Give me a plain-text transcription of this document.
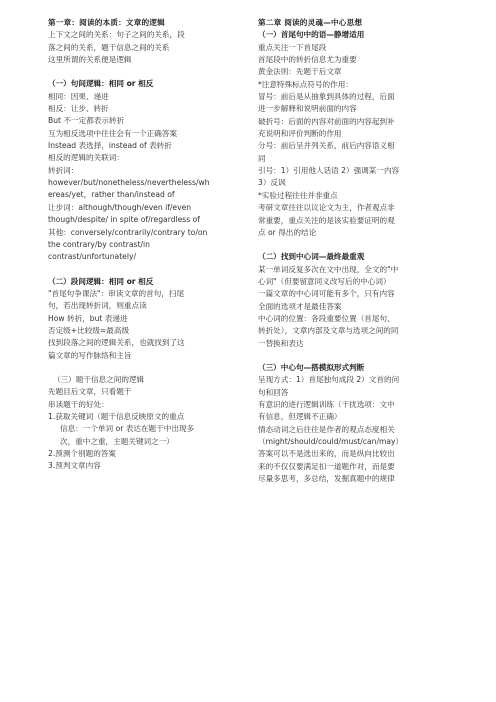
第一章：阅读的本质：文章的逻辑
上下文之间的关系：句子之间的关系，段
落之间的关系，题干信息之间的关系
这里所谓的关系便是逻辑
（一）句间逻辑：相同 or 相反
相同：因果、递进
相反：让步、转折
But 不一定都表示转折
互为相反选项中往往会有一个正确答案
Instead 表选择，instead of 表转折
相反的逻辑的关联词：
转折词：
however/but/nonetheless/nevertheless/wh
ereas/yet，rather than/instead of
让步词：although/though/even if/even
though/despite/ in spite of/regardless of
其他：conversely/contrarily/contrary to/on
the contrary/by contrast/in
contrast/unfortunately/
（二）段间逻辑：相同 or 相反
"首尾句争课法"：串读文章的首句，扫尾
句，若出现转折词，则重点读
How 转折，but 表递进
否定级+比较级=最高级
找到段落之间的逻辑关系，也就找到了这
篇文章的写作脉络和主旨
（三）题干信息之间的逻辑
先题目后文章，只看题干
串读题干的好处：
1.获取关键词（题干信息反映原文的重点
信息：一个单词 or 表达在题干中出现多
次，重中之重，主题关键词之一）
2.预测个别题的答案
3.预判文章内容
第二章 阅读的灵魂—中心思想
（一）首尾句中的语—静增适用
重点关注一下首尾段
首尾段中的转折信息尤为重要
黄金法则：先题干后文章
*注意特殊标点符号的作用：
冒号：前后是从抽象到具体的过程，后面
进一步解释和说明前面的内容
破折号：后面的内容对前面的内容起到补
充说明和评价判断的作用
分号：前后呈并列关系，前后内容语义相
同
引号：1）引用他人话语 2）强调某一内容
3）反讽
*实验过程往往并非重点
考研文章往往以议论文为主，作者观点非
常重要，重点关注的是该实验要证明的观
点 or 得出的结论
（二）找到中心词—最终最重观
某一单词反复多次在文中出现，全文的"中
心词"（但要留意同义改写后的中心词）
一篇文章的中心词可能有多个，只有内容
全面的选项才是最佳答案
中心词的位置：各段重要位置（首尾句、
转折处），文章内部及文章与选项之间的同
一替换和表达
（三）中心句—搭模拟形式判断
呈现方式：1）首尾独句成段 2）文首的问
句和回答
有意识的进行逻辑训练（干扰选项：文中
有信息，但逻辑不正确）
情态动词之后往往是作者的观点态度相关
（might/should/could/must/can/may）
答案可以不是选出来的，而是纵向比较出
来的不仅仅要满足扣一道题作对，而是要
尽量多思考，多总结，发掘真题中的规律
